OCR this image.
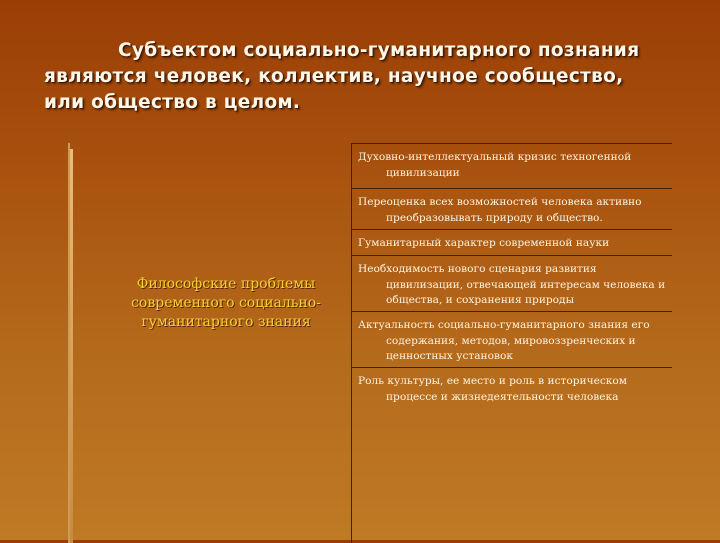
Субъектом социально-гуманитарного познания
являются человек, коллектив, научное сообщество,
или общество в целом.
Философские проблемы современного социально-гуманитарного знания
Духовно-интеллектуальный кризис техногенной цивилизации
Переоценка всех возможностей человека активно преобразовывать природу и общество.
Гуманитарный характер современной науки
Необходимость нового сценария развития цивилизации, отвечающей интересам человека и общества, и сохранения природы
Актуальность социально-гуманитарного знания его содержания, методов, мировоззренческих и ценностных установок
Роль культуры, ее место и роль в историческом процессе и жизнедеятельности человека
